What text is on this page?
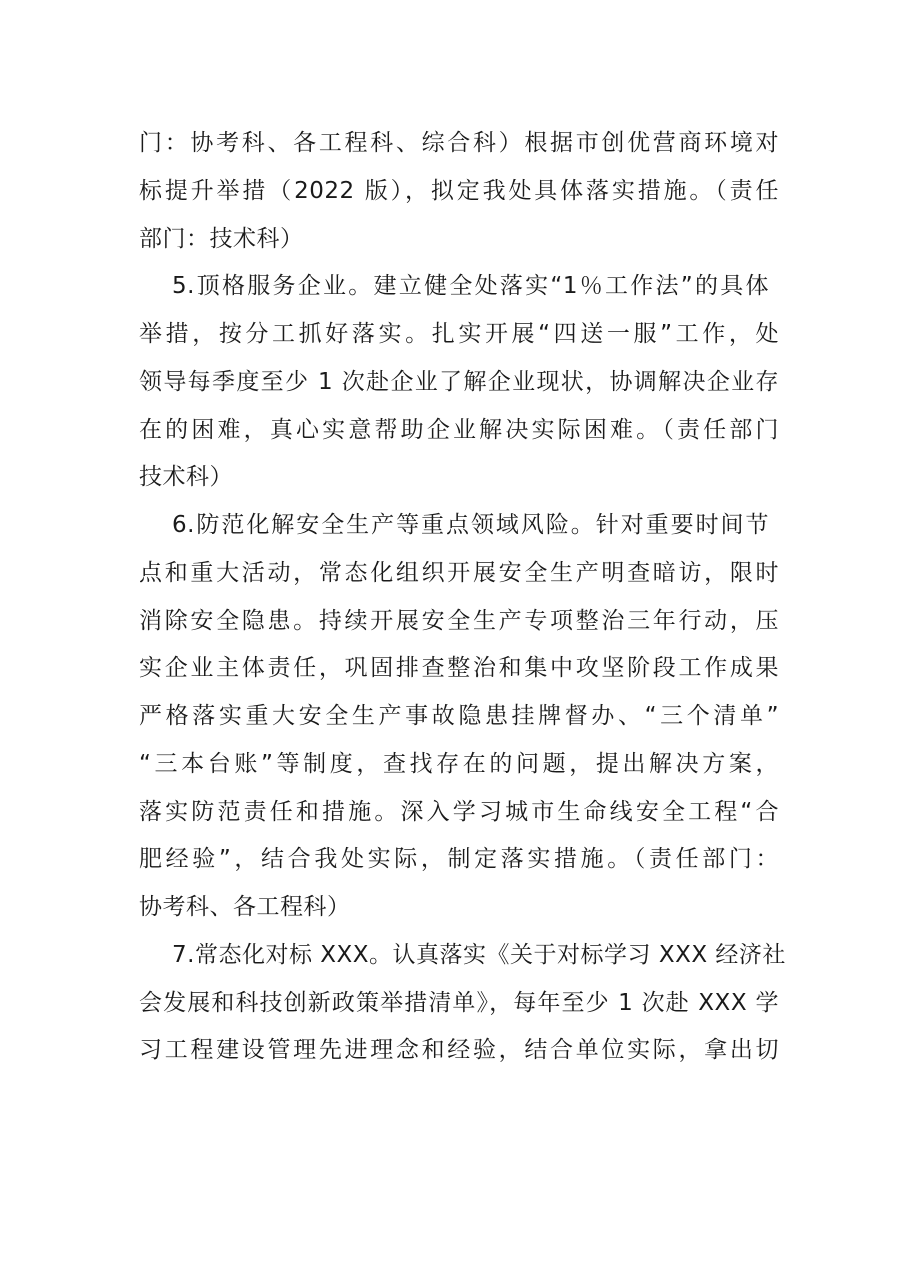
门：协考科、各工程科、综合科）根据市创优营商环境对
标提升举措（2022 版），拟定我处具体落实措施。（责任
部门：技术科）
5.顶格服务企业。建立健全处落实“1％工作法”的具体
举措，按分工抓好落实。扎实开展“四送一服”工作，处
领导每季度至少 1 次赴企业了解企业现状，协调解决企业存
在的困难，真心实意帮助企业解决实际困难。（责任部门
技术科）
6.防范化解安全生产等重点领域风险。针对重要时间节
点和重大活动，常态化组织开展安全生产明查暗访，限时
消除安全隐患。持续开展安全生产专项整治三年行动，压
实企业主体责任，巩固排查整治和集中攻坚阶段工作成果
严格落实重大安全生产事故隐患挂牌督办、“三个清单”
“三本台账”等制度，查找存在的问题，提出解决方案，
落实防范责任和措施。深入学习城市生命线安全工程“合
肥经验”，结合我处实际，制定落实措施。（责任部门：
协考科、各工程科）
7.常态化对标 XXX。认真落实《关于对标学习 XXX 经济社
会发展和科技创新政策举措清单》，每年至少 1 次赴 XXX 学
习工程建设管理先进理念和经验，结合单位实际，拿出切
